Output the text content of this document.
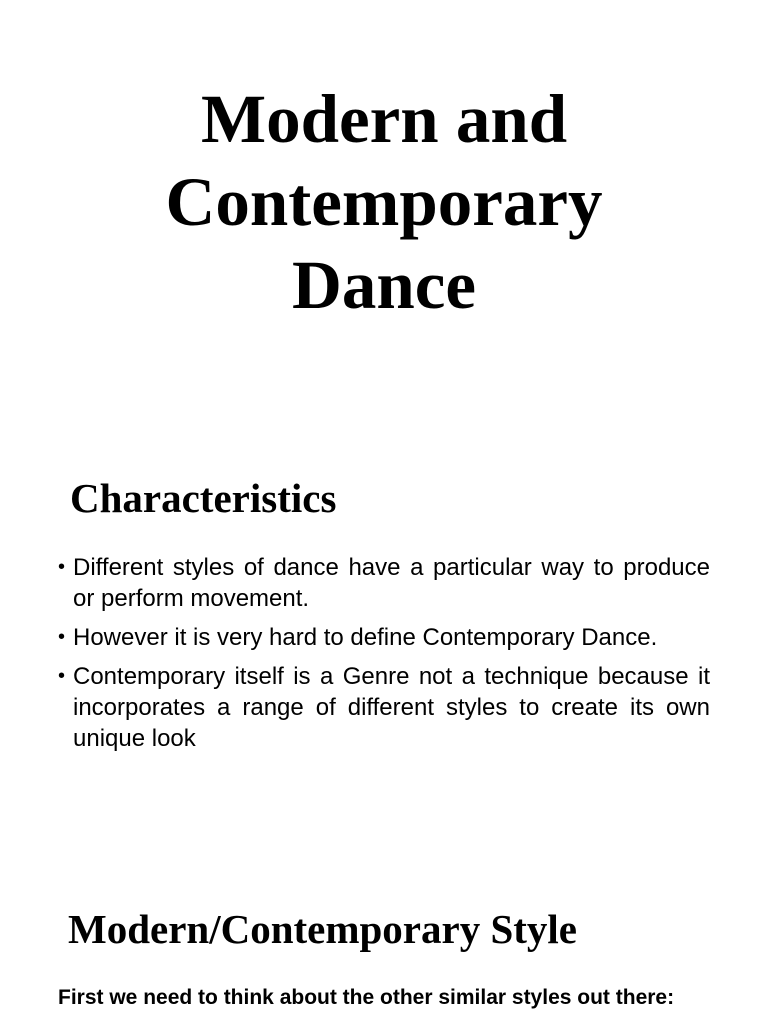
Modern and
Contemporary
Dance
Characteristics
• Different styles of dance have a particular way to produce or perform movement.
• However it is very hard to define Contemporary Dance.
• Contemporary itself is a Genre not a technique because it incorporates a range of different styles to create its own unique look
Modern/Contemporary Style

First we need to think about the other similar styles out there:
